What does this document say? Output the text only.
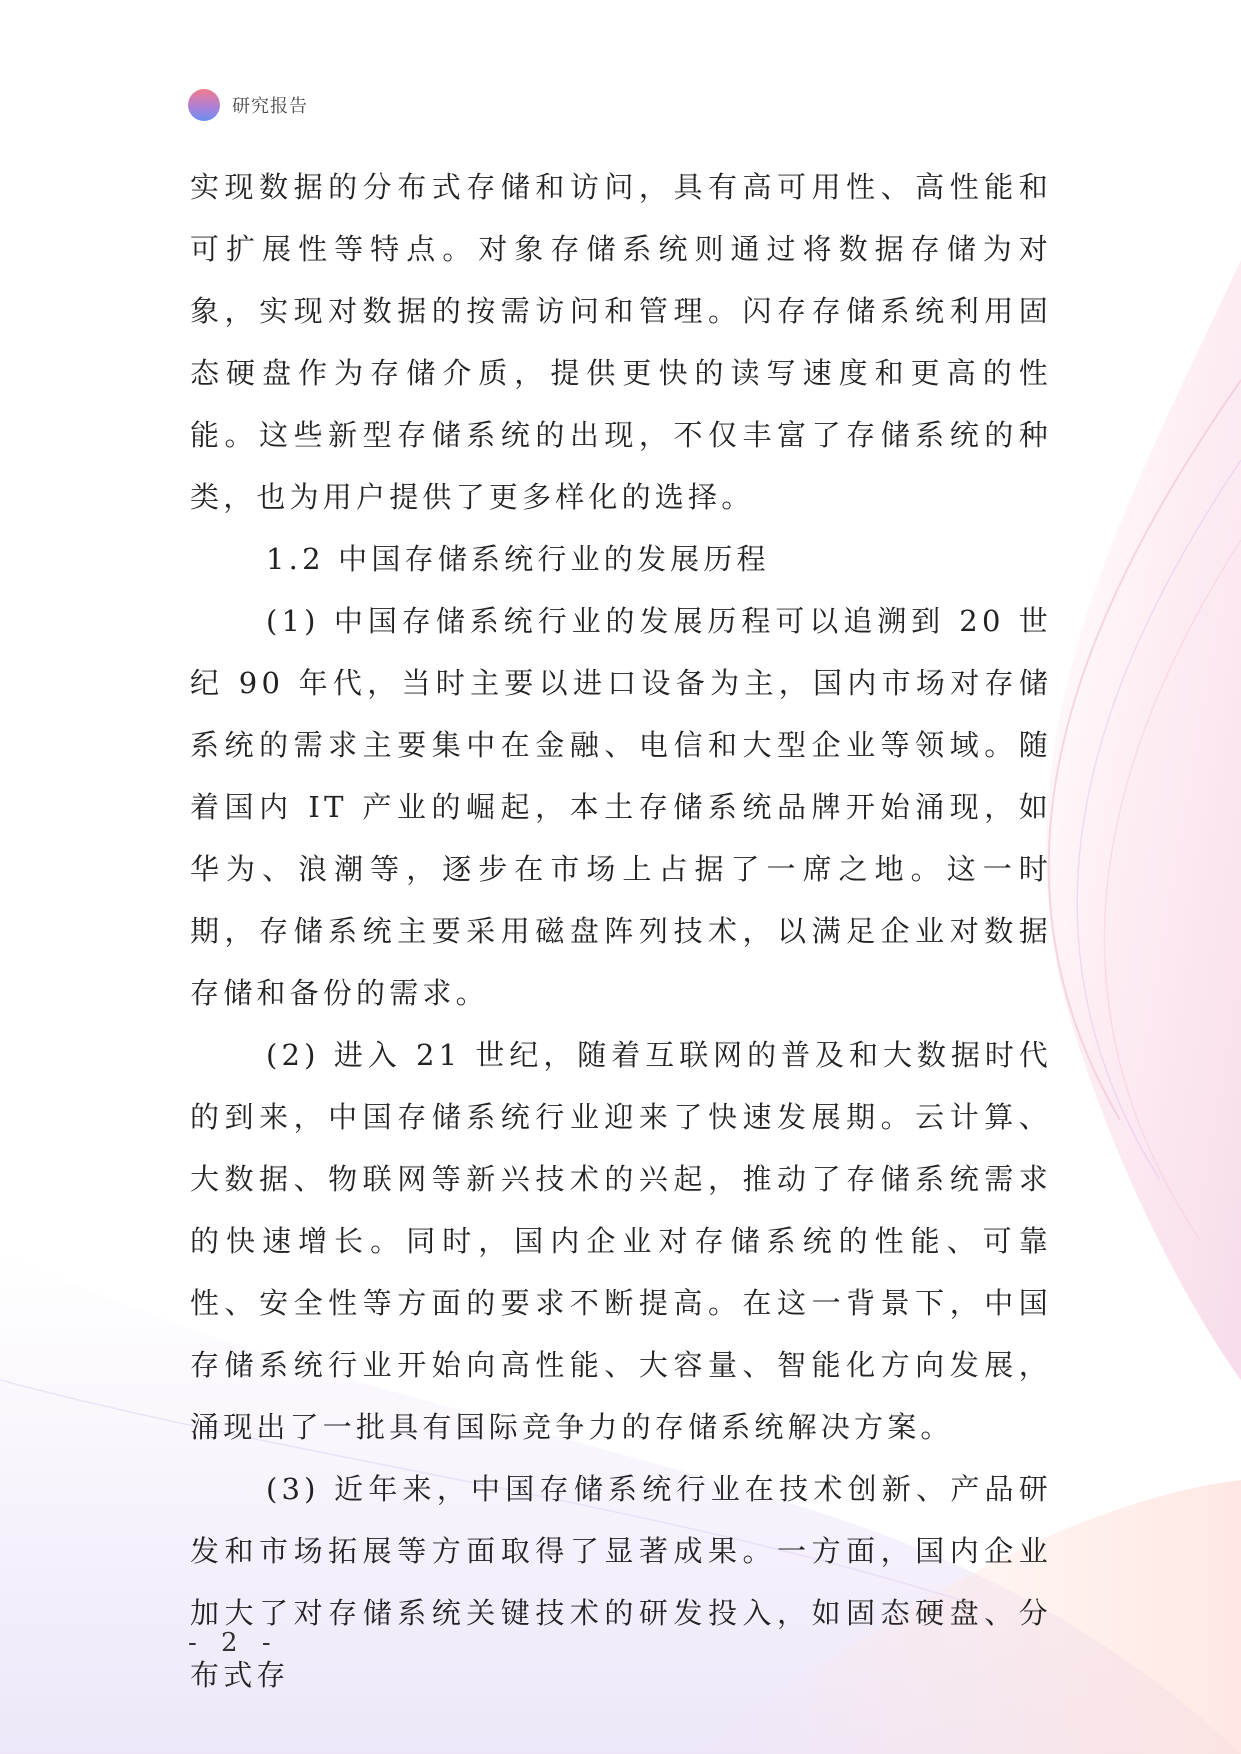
研究报告

实现数据的分布式存储和访问，具有高可用性、高性能和可扩展性等特点。对象存储系统则通过将数据存储为对象，实现对数据的按需访问和管理。闪存存储系统利用固态硬盘作为存储介质，提供更快的读写速度和更高的性能。这些新型存储系统的出现，不仅丰富了存储系统的种类，也为用户提供了更多样化的选择。

1.2 中国存储系统行业的发展历程

(1) 中国存储系统行业的发展历程可以追溯到 20 世纪 90 年代，当时主要以进口设备为主，国内市场对存储系统的需求主要集中在金融、电信和大型企业等领域。随着国内 IT 产业的崛起，本土存储系统品牌开始涌现，如华为、浪潮等，逐步在市场上占据了一席之地。这一时期，存储系统主要采用磁盘阵列技术，以满足企业对数据存储和备份的需求。

(2) 进入 21 世纪，随着互联网的普及和大数据时代的到来，中国存储系统行业迎来了快速发展期。云计算、大数据、物联网等新兴技术的兴起，推动了存储系统需求的快速增长。同时，国内企业对存储系统的性能、可靠性、安全性等方面的要求不断提高。在这一背景下，中国存储系统行业开始向高性能、大容量、智能化方向发展，涌现出了一批具有国际竞争力的存储系统解决方案。

(3) 近年来，中国存储系统行业在技术创新、产品研发和市场拓展等方面取得了显著成果。一方面，国内企业加大了对存储系统关键技术的研发投入，如固态硬盘、分布式存

- 2 -
